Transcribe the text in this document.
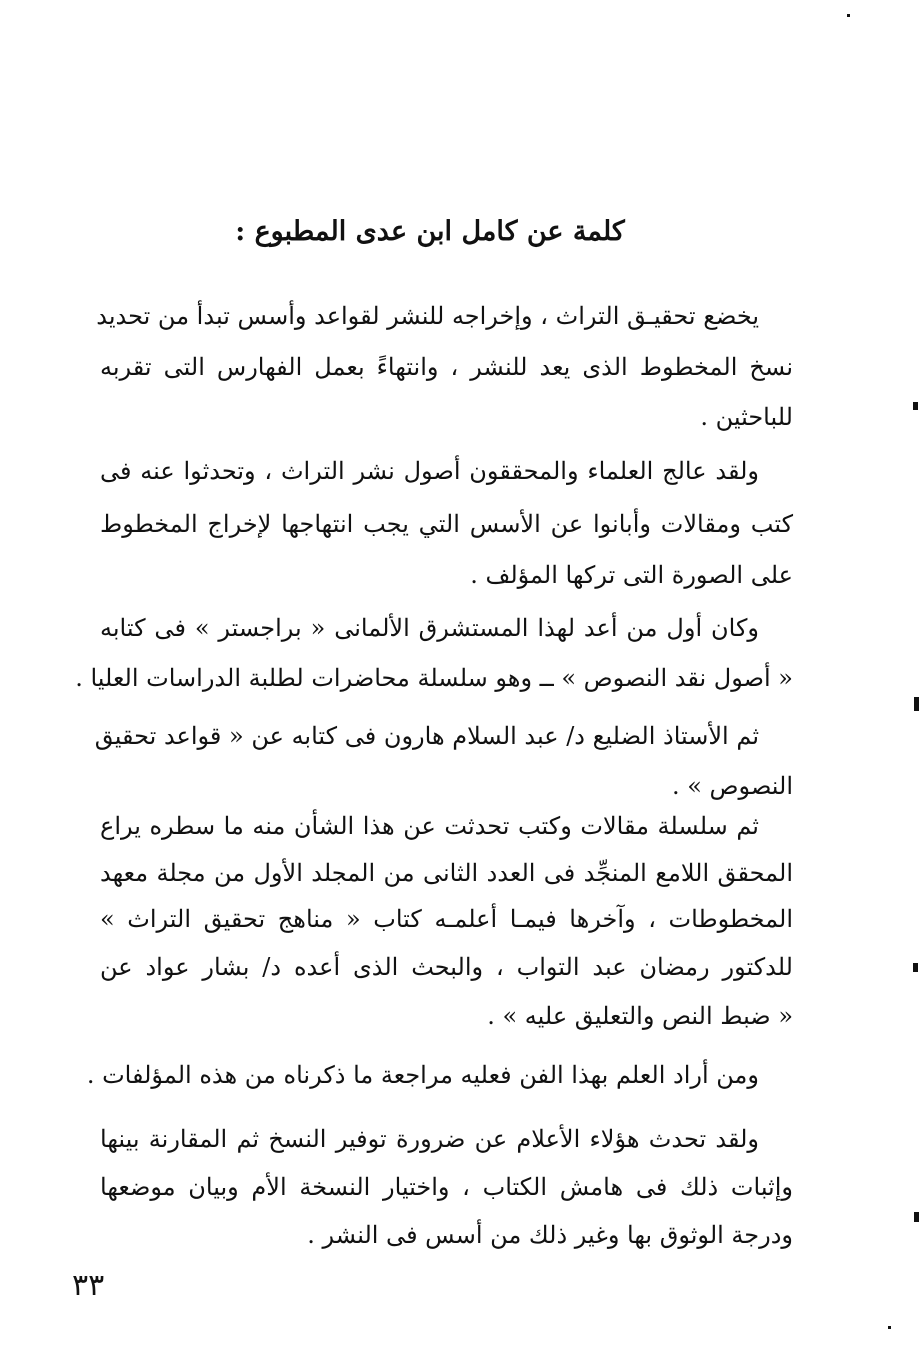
كلمة عن كامل ابن عدى المطبوع :
يخضع تحقيـق التراث ، وإخراجه للنشر لقواعد وأسس تبدأ من تحديد
نسخ المخطوط الذى يعد للنشر ، وانتهاءً بعمل الفهارس التى تقربه
للباحثين .
ولقد عالج العلماء والمحققون أصول نشر التراث ، وتحدثوا عنه فى
كتب ومقالات وأبانوا عن الأسس التي يجب انتهاجها لإخراج المخطوط
على الصورة التى تركها المؤلف .
وكان أول من أعد لهذا المستشرق الألمانى « براجستر » فى كتابه
« أصول نقد النصوص » ــ وهو سلسلة محاضرات لطلبة الدراسات العليا .
ثم الأستاذ الضليع د/ عبد السلام هارون فى كتابه عن « قواعد تحقيق
النصوص » .
ثم سلسلة مقالات وكتب تحدثت عن هذا الشأن منه ما سطره يراع
المحقق اللامع المنجِّد فى العدد الثانى من المجلد الأول من مجلة معهد
المخطوطات ، وآخرها فيمـا أعلمـه كتاب « مناهج تحقيق التراث »
للدكتور رمضان عبد التواب ، والبحث الذى أعده د/ بشار عواد عن
« ضبط النص والتعليق عليه » .
ومن أراد العلم بهذا الفن فعليه مراجعة ما ذكرناه من هذه المؤلفات .
ولقد تحدث هؤلاء الأعلام عن ضرورة توفير النسخ ثم المقارنة بينها
وإثبات ذلك فى هامش الكتاب ، واختيار النسخة الأم وبيان موضعها
ودرجة الوثوق بها وغير ذلك من أسس فى النشر .
٣٣
